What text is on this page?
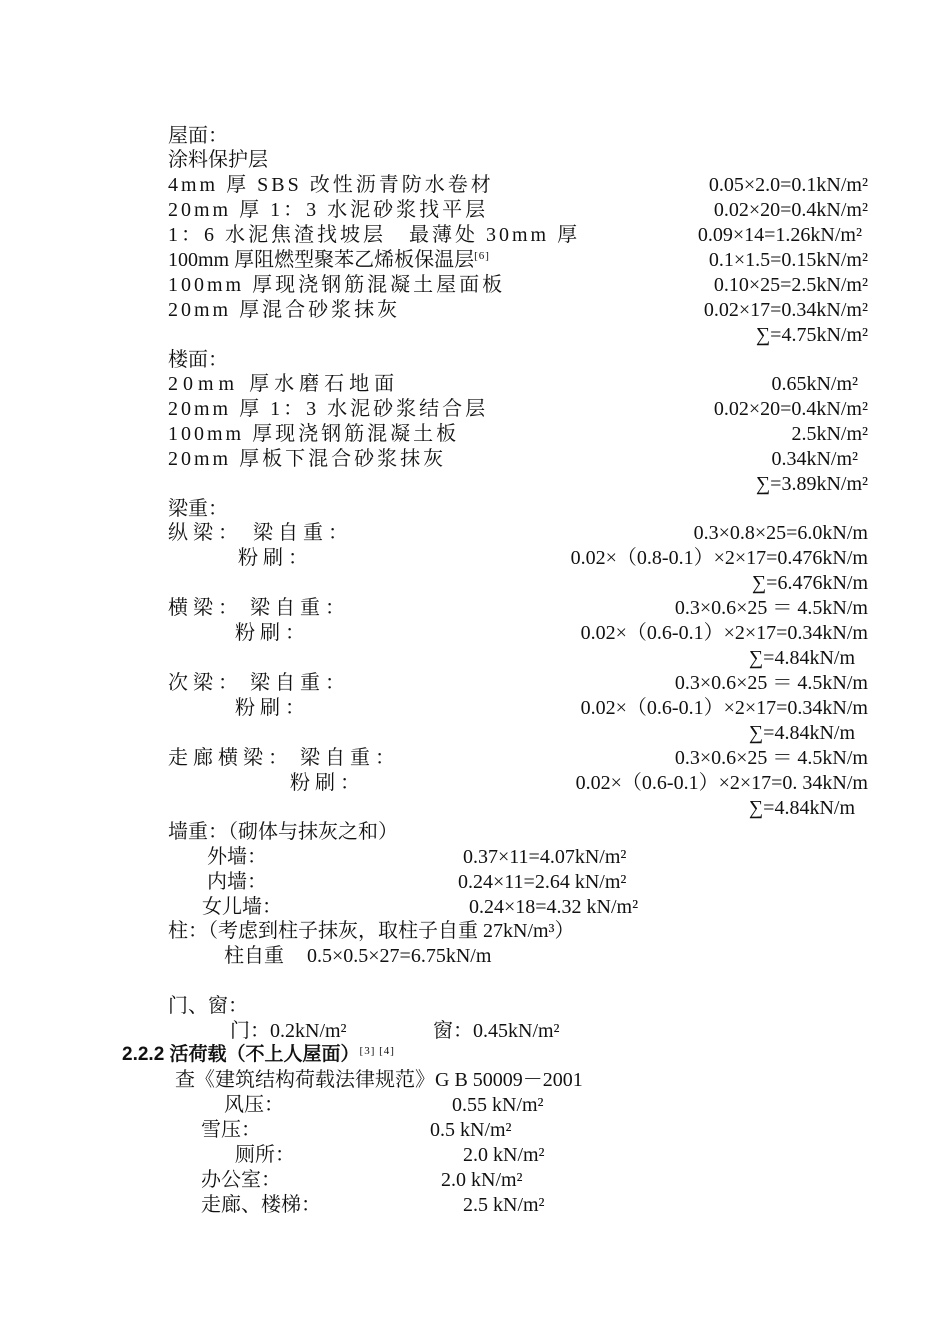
屋面：
涂料保护层
4mm 厚 SBS 改性沥青防水卷材	0.05×2.0=0.1kN/m²
20mm 厚 1：3 水泥砂浆找平层	0.02×20=0.4kN/m²
1：6 水泥焦渣找坡层　最薄处 30mm 厚	0.09×14=1.26kN/m²
100mm 厚阻燃型聚苯乙烯板保温层[6]	0.1×1.5=0.15kN/m²
100mm 厚现浇钢筋混凝土屋面板	0.10×25=2.5kN/m²
20mm 厚混合砂浆抹灰	0.02×17=0.34kN/m²
∑=4.75kN/m²
楼面：
20mm 厚水磨石地面	0.65kN/m²
20mm 厚 1：3 水泥砂浆结合层	0.02×20=0.4kN/m²
100mm 厚现浇钢筋混凝土板	2.5kN/m²
20mm 厚板下混合砂浆抹灰	0.34kN/m²
∑=3.89kN/m²
梁重：
纵梁： 梁自重：	0.3×0.8×25=6.0kN/m
粉刷：	0.02×（0.8-0.1）×2×17=0.476kN/m
∑=6.476kN/m
横梁： 梁自重：	0.3×0.6×25 ＝ 4.5kN/m
粉刷：	0.02×（0.6-0.1）×2×17=0.34kN/m
∑=4.84kN/m
次梁： 梁自重：	0.3×0.6×25 ＝ 4.5kN/m
粉刷：	0.02×（0.6-0.1）×2×17=0.34kN/m
∑=4.84kN/m
走廊横梁： 梁自重：	0.3×0.6×25 ＝ 4.5kN/m
粉刷：	0.02×（0.6-0.1）×2×17=0. 34kN/m
∑=4.84kN/m
墙重：（砌体与抹灰之和）
外墙：	0.37×11=4.07kN/m²
内墙：	0.24×11=2.64 kN/m²
女儿墙：	0.24×18=4.32 kN/m²
柱：（考虑到柱子抹灰，取柱子自重 27kN/m³）
柱自重 0.5×0.5×27=6.75kN/m
门、窗：
门：0.2kN/m²	窗：0.45kN/m²
2.2.2 活荷载（不上人屋面）[3] [4]
查《建筑结构荷载法律规范》G B 50009－2001
风压：	0.55 kN/m²
雪压：	0.5 kN/m²
厕所：	2.0 kN/m²
办公室：	2.0 kN/m²
走廊、楼梯：	2.5 kN/m²
